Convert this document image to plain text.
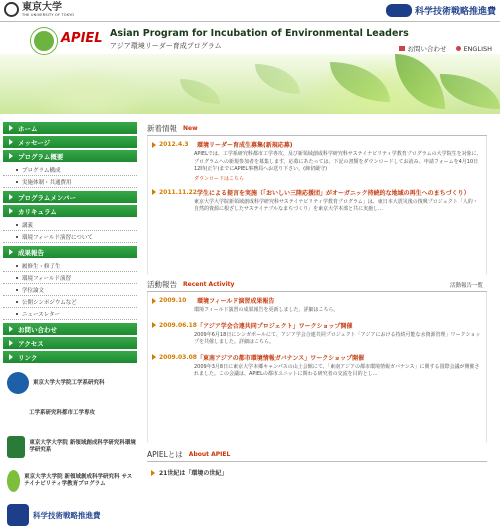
東京大学
THE UNIVERSITY OF TOKYO	科学技術戦略推進費
APIEL Asian Program for Incubation of Environmental Leaders
アジア環境リーダー育成プログラム	お問い合わせ	ENGLISH
ホーム
メッセージ
プログラム概要
プログラム構成
実施体制・共通費用
プログラムメンバー
カリキュラム
講義
環境フィールド演習について
成果報告
履修生・修了生
環境フィールド演習
学位論文
公開シンポジウムなど
ニュースレター
お問い合わせ
アクセス
リンク
東京大学大学院工学系研究科
工学系研究科都市工学専攻
東京大学大学院 新領域創成科学研究科環境学研究系
東京大学大学院 新領域創成科学研究科 サステイナビリティ学教育プログラム
科学技術戦略推進費
新着情報 New
2012.4.3	環境リーダー育成生募集(新規応募)
APIELでは、工学系研究科都市工学専攻、及び新領域創成科学研究科サステイナビリティ学教育プログラムの大学院生を対象に、プログラムへの新規参加者を募集します。応募にあたっては、下記の書類をダウンロードしてお読み、申請フォームを4月10日12時(正午)までにAPIEL事務局へお送り下さい。(締切厳守)
ダウンロードはこちら
2011.11.22 学生による提言を実施（「おいしい三陸応援団」がオーガニック持続的な地域の再生へのまちづくり）
東京大学大学院新領域創成科学研究科サステイナビリティ学教育プログラム」は、東日本大震災後の復興プロジェクト「人的・自然的資源に根ざしたサステイナブルなまちづくり」を東京大学本部と共に実施し…
活動報告 Recent Activity	活動報告一覧
2009.10	環境フィールド演習成果報告
環境フィールド演習の成果報告を更新しました。詳細はこちら。
2009.06.18 「アジア学会合連共同プロジェクト」ワークショップ開催
2009年6月18日にシンガポールにて、アジア学会合連共同プロジェクト「アジアにおける持続可能な水資源管理」ワークショップを共催しました。詳細はこちら。
2009.03.08 「東南アジアの都市環境情報ガバナンス」ワークショップ開催
2009年3月8日に東京大学本郷キャンパスの山上会館にて、「東南アジアの都市環境情報ガバナンス」に関する国際会議が開催されました。この会議は、APIELの都市ユニットに関わる研究者の交流を目的とし…
APIELとは About APIEL
21世紀は「環境の世紀」
